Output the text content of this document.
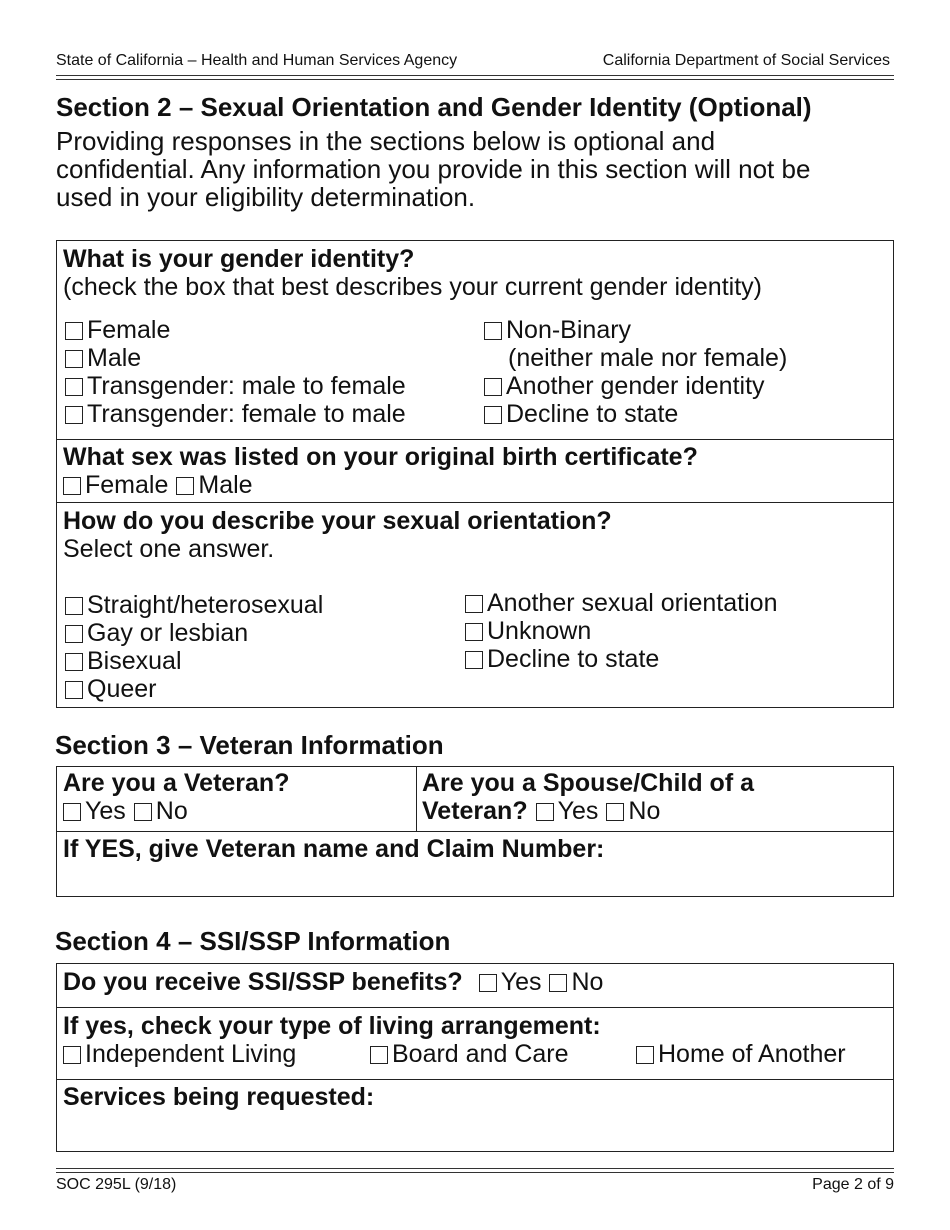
State of California – Health and Human Services Agency	California Department of Social Services
Section 2 – Sexual Orientation and Gender Identity (Optional)
Providing responses in the sections below is optional and
confidential. Any information you provide in this section will not be
used in your eligibility determination.
What is your gender identity?
(check the box that best describes your current gender identity)
Female
Male
Transgender: male to female
Transgender: female to male
Non-Binary
(neither male nor female)
Another gender identity
Decline to state
What sex was listed on your original birth certificate?
Female Male
How do you describe your sexual orientation?
Select one answer.
Straight/heterosexual
Gay or lesbian
Bisexual
Queer
Another sexual orientation
Unknown
Decline to state
Section 3 – Veteran Information
Are you a Veteran?
Yes No
Are you a Spouse/Child of a
Veteran? Yes No
If YES, give Veteran name and Claim Number:
Section 4 – SSI/SSP Information
Do you receive SSI/SSP benefits? Yes No
If yes, check your type of living arrangement:
Independent Living	Board and Care	Home of Another
Services being requested:
SOC 295L (9/18)	Page 2 of 9
